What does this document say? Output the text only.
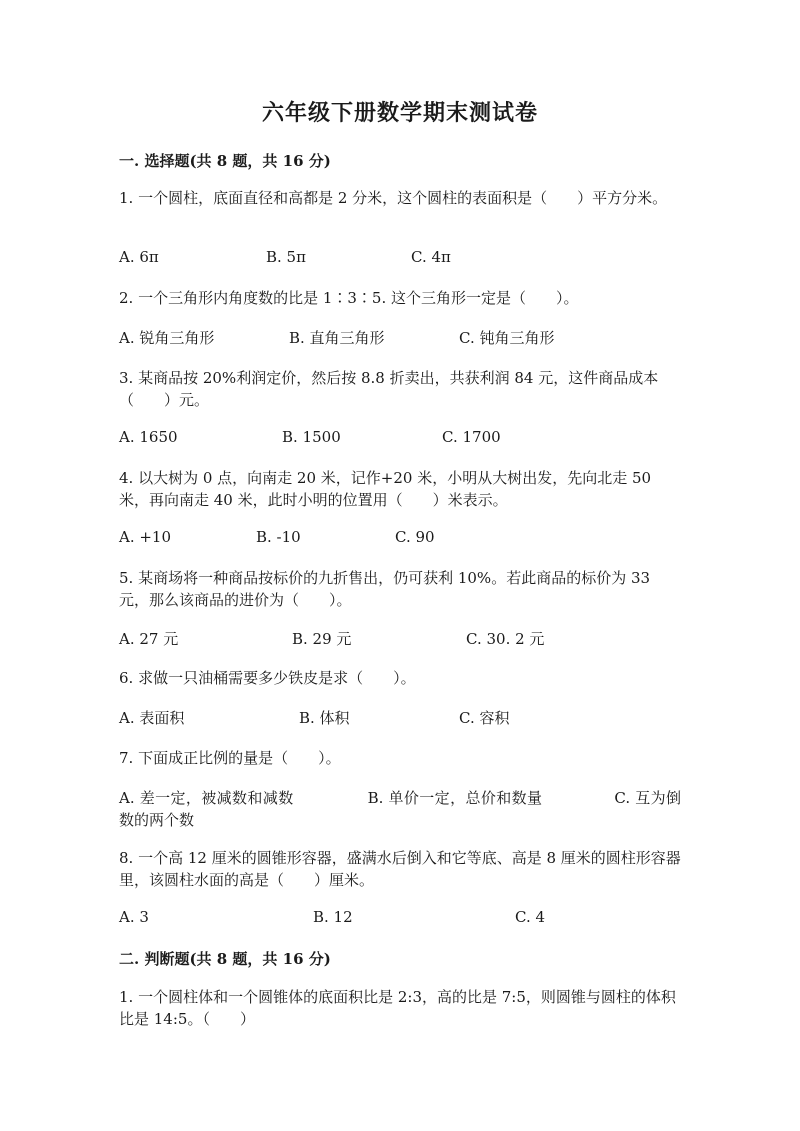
六年级下册数学期末测试卷
一. 选择题(共 8 题，共 16 分)
1. 一个圆柱，底面直径和高都是 2 分米，这个圆柱的表面积是（　　）平方分米。
A. 6π	B. 5π	C. 4π
2. 一个三角形内角度数的比是 1∶3∶5. 这个三角形一定是（　　）。
A. 锐角三角形	B. 直角三角形	C. 钝角三角形
3. 某商品按 20%利润定价，然后按 8.8 折卖出，共获利润 84 元，这件商品成本（　　）元。
A. 1650	B. 1500	C. 1700
4. 以大树为 0 点，向南走 20 米，记作+20 米，小明从大树出发，先向北走 50 米，再向南走 40 米，此时小明的位置用（　　）米表示。
A. +10	B. -10	C. 90
5. 某商场将一种商品按标价的九折售出，仍可获利 10%。若此商品的标价为 33 元，那么该商品的进价为（　　）。
A. 27 元	B. 29 元	C. 30. 2 元
6. 求做一只油桶需要多少铁皮是求（　　）。
A. 表面积	B. 体积	C. 容积
7. 下面成正比例的量是（　　）。
A. 差一定，被减数和减数	B. 单价一定，总价和数量	C. 互为倒数的两个数
8. 一个高 12 厘米的圆锥形容器，盛满水后倒入和它等底、高是 8 厘米的圆柱形容器里，该圆柱水面的高是（　　）厘米。
A. 3	B. 12	C. 4
二. 判断题(共 8 题，共 16 分)
1. 一个圆柱体和一个圆锥体的底面积比是 2:3，高的比是 7:5，则圆锥与圆柱的体积比是 14:5。（　　）
